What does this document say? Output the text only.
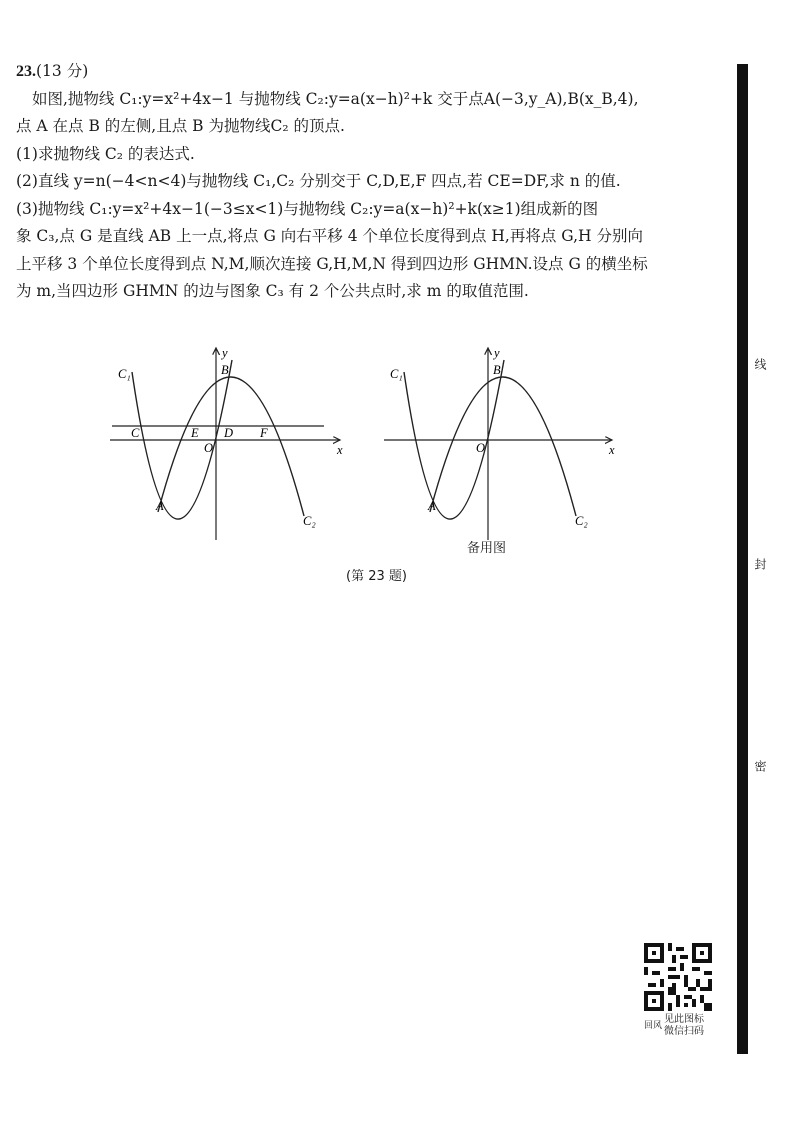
23.(13 分)
如图,抛物线 C₁:y=x²+4x−1 与抛物线 C₂:y=a(x−h)²+k 交于点A(−3,y_A),B(x_B,4),
点 A 在点 B 的左侧,且点 B 为抛物线C₂ 的顶点.
(1)求抛物线 C₂ 的表达式.
(2)直线 y=n(−4<n<4)与抛物线 C₁,C₂ 分别交于 C,D,E,F 四点,若 CE=DF,求 n 的值.
(3)抛物线 C₁:y=x²+4x−1(−3≤x<1)与抛物线 C₂:y=a(x−h)²+k(x≥1)组成新的图
象 C₃,点 G 是直线 AB 上一点,将点 G 向右平移 4 个单位长度得到点 H,再将点 G,H 分别向
上平移 3 个单位长度得到点 N,M,顺次连接 G,H,M,N 得到四边形 GHMN.设点 G 的横坐标
为 m,当四边形 GHMN 的边与图象 C₃ 有 2 个公共点时,求 m 的取值范围.
C₁
C₂
y
x
O
A
B
C	E D F
C₁
C₂
y
x
O
A
B
备用图
(第 23 题)
线
封
密
回风
见此图标
微信扫码
